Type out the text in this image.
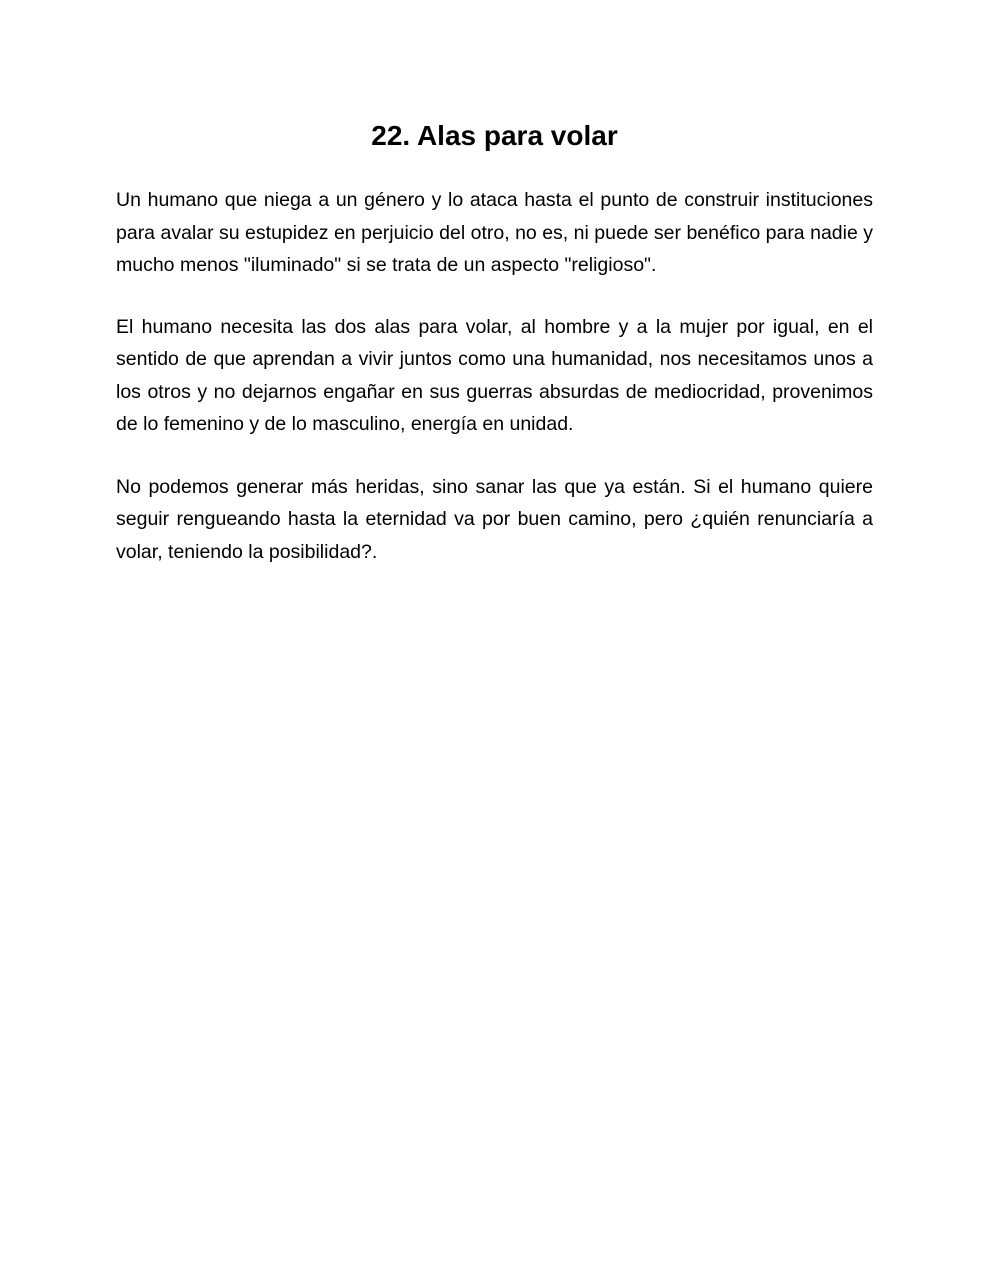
22. Alas para volar

Un humano que niega a un género y lo ataca hasta el punto de construir instituciones para avalar su estupidez en perjuicio del otro, no es, ni puede ser benéfico para nadie y mucho menos "iluminado" si se trata de un aspecto "religioso".

El humano necesita las dos alas para volar, al hombre y a la mujer por igual, en el sentido de que aprendan a vivir juntos como una humanidad, nos necesitamos unos a los otros y no dejarnos engañar en sus guerras absurdas de mediocridad, provenimos de lo femenino y de lo masculino, energía en unidad.

No podemos generar más heridas, sino sanar las que ya están. Si el humano quiere seguir rengueando hasta la eternidad va por buen camino, pero ¿quién renunciaría a volar, teniendo la posibilidad?.
